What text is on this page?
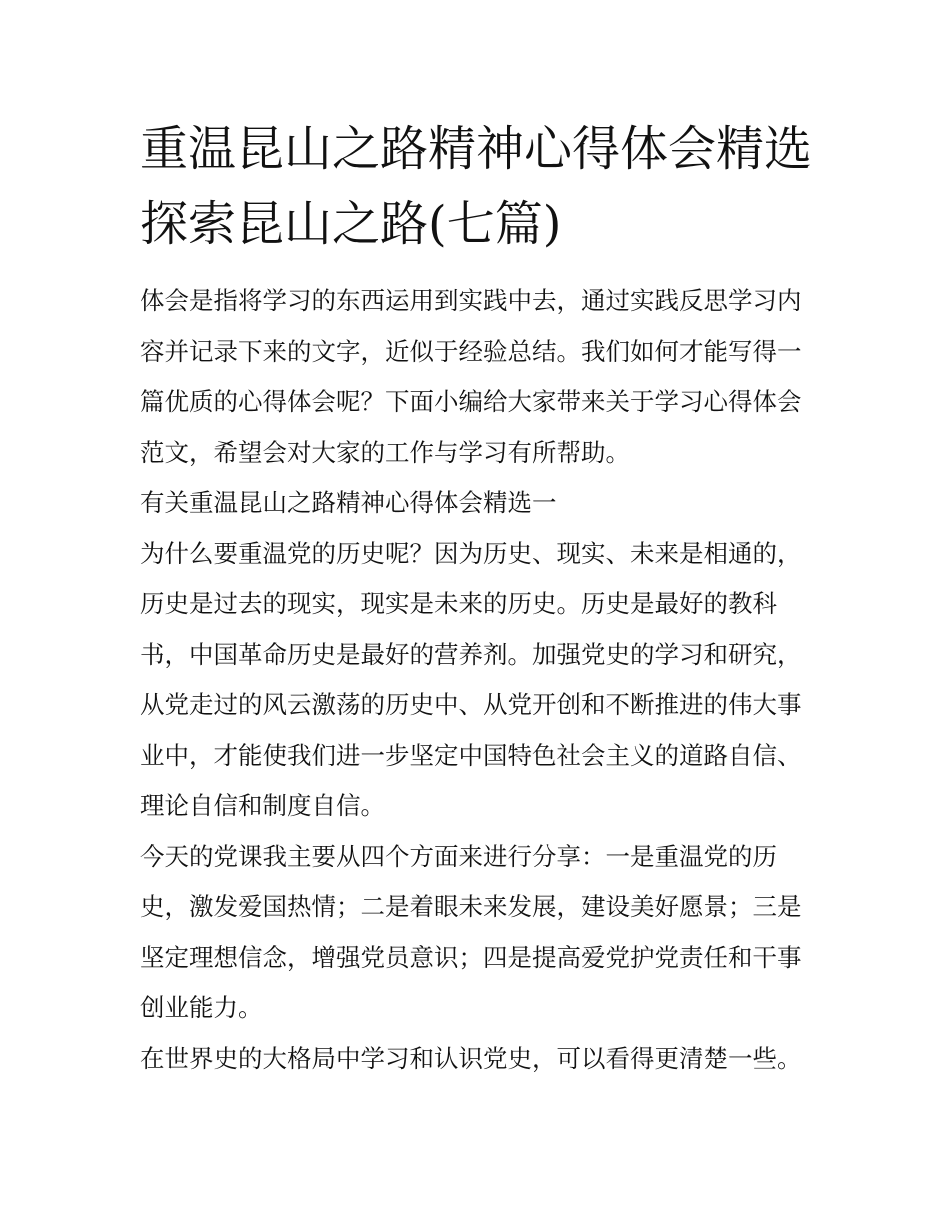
重温昆山之路精神心得体会精选 探索昆山之路(七篇)

体会是指将学习的东西运用到实践中去，通过实践反思学习内容并记录下来的文字，近似于经验总结。我们如何才能写得一篇优质的心得体会呢？下面小编给大家带来关于学习心得体会范文，希望会对大家的工作与学习有所帮助。

有关重温昆山之路精神心得体会精选一

为什么要重温党的历史呢？因为历史、现实、未来是相通的，历史是过去的现实，现实是未来的历史。历史是最好的教科书，中国革命历史是最好的营养剂。加强党史的学习和研究，从党走过的风云激荡的历史中、从党开创和不断推进的伟大事业中，才能使我们进一步坚定中国特色社会主义的道路自信、理论自信和制度自信。

今天的党课我主要从四个方面来进行分享：一是重温党的历史，激发爱国热情；二是着眼未来发展，建设美好愿景；三是坚定理想信念，增强党员意识；四是提高爱党护党责任和干事创业能力。

在世界史的大格局中学习和认识党史，可以看得更清楚一些。
